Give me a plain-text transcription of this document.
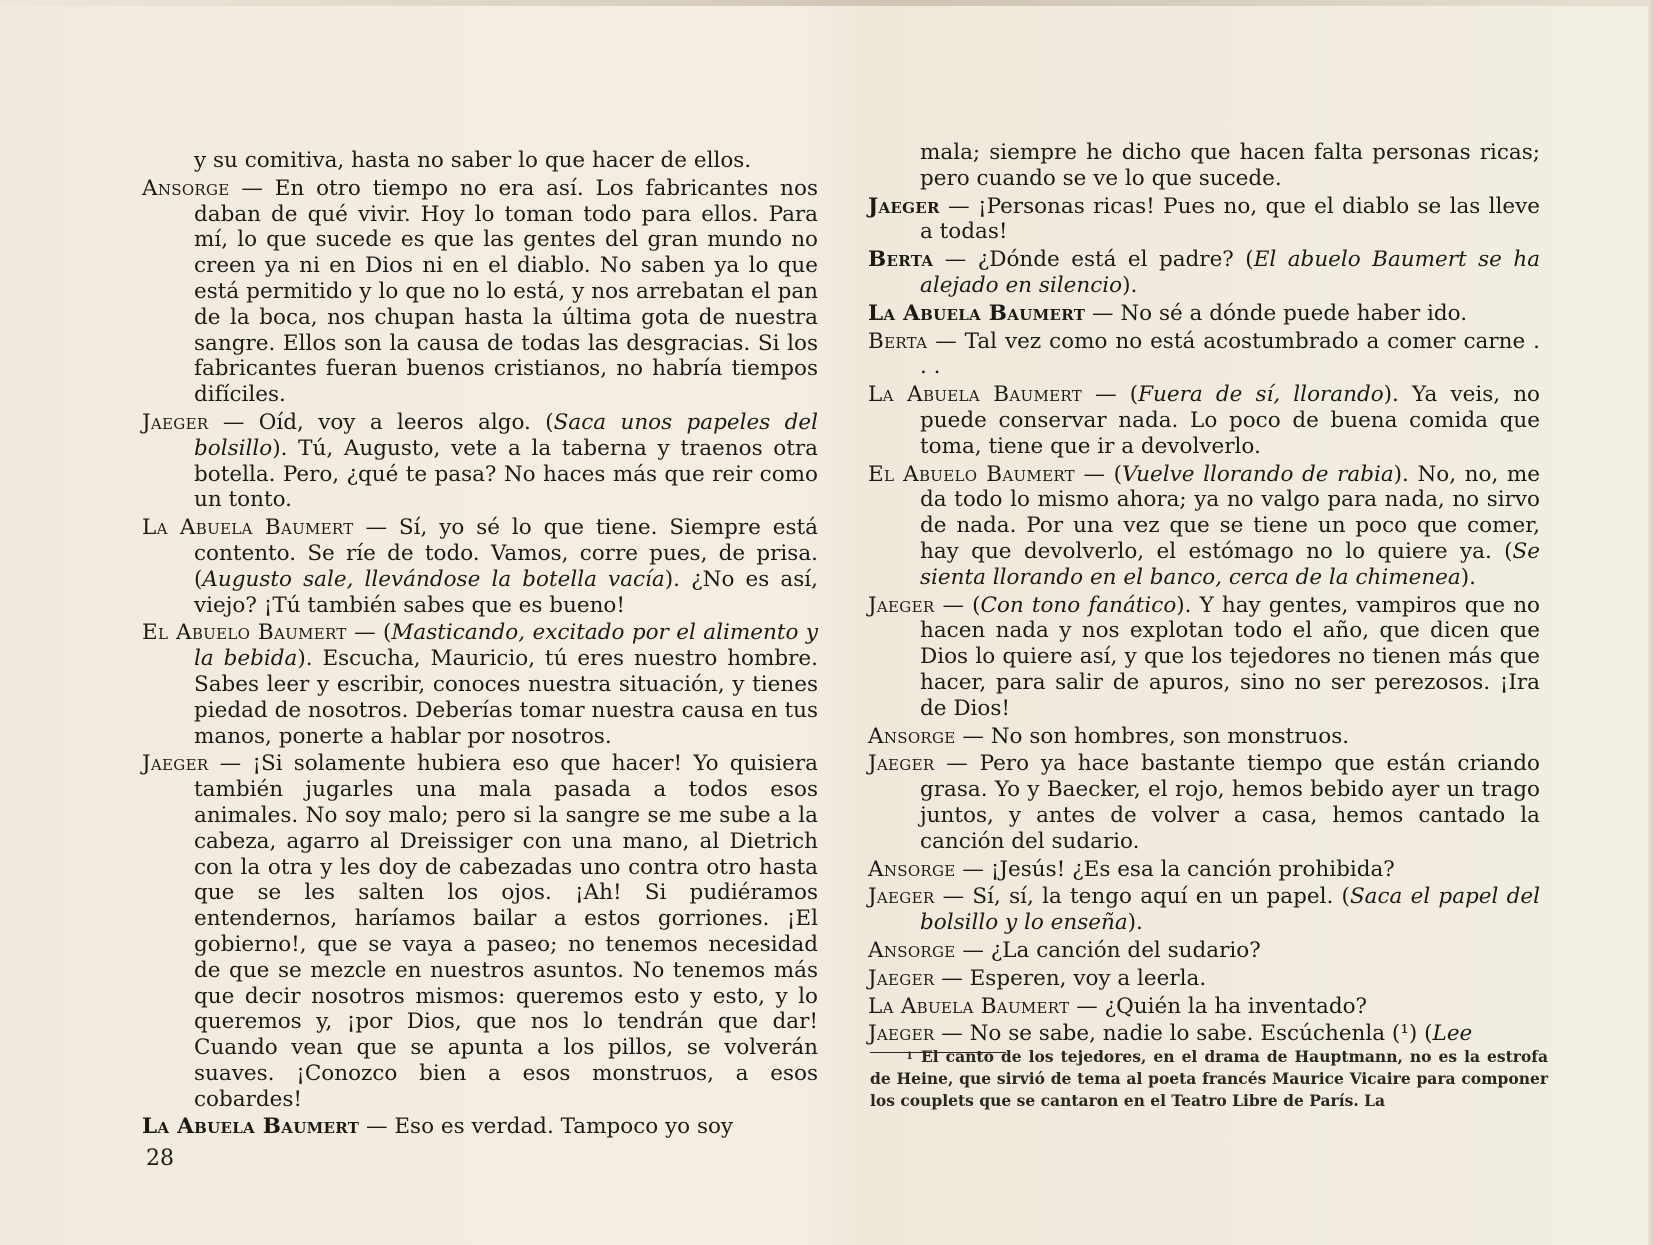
y su comitiva, hasta no saber lo que hacer de ellos.

Ansorge — En otro tiempo no era así. Los fabricantes nos daban de qué vivir. Hoy lo toman todo para ellos. Para mí, lo que sucede es que las gentes del gran mundo no creen ya ni en Dios ni en el diablo. No saben ya lo que está permitido y lo que no lo está, y nos arrebatan el pan de la boca, nos chupan hasta la última gota de nuestra sangre. Ellos son la causa de todas las desgracias. Si los fabricantes fueran buenos cristianos, no habría tiempos difíciles.

Jaeger — Oíd, voy a leeros algo. (Saca unos papeles del bolsillo). Tú, Augusto, vete a la taberna y traenos otra botella. Pero, ¿qué te pasa? No haces más que reir como un tonto.

La Abuela Baumert — Sí, yo sé lo que tiene. Siempre está contento. Se ríe de todo. Vamos, corre pues, de prisa. (Augusto sale, llevándose la botella vacía). ¿No es así, viejo? ¡Tú también sabes que es bueno!

El Abuelo Baumert — (Masticando, excitado por el alimento y la bebida). Escucha, Mauricio, tú eres nuestro hombre. Sabes leer y escribir, conoces nuestra situación, y tienes piedad de nosotros. Deberías tomar nuestra causa en tus manos, ponerte a hablar por nosotros.

Jaeger — ¡Si solamente hubiera eso que hacer! Yo quisiera también jugarles una mala pasada a todos esos animales. No soy malo; pero si la sangre se me sube a la cabeza, agarro al Dreissiger con una mano, al Dietrich con la otra y les doy de cabezadas uno contra otro hasta que se les salten los ojos. ¡Ah! Si pudiéramos entendernos, haríamos bailar a estos gorriones. ¡El gobierno!, que se vaya a paseo; no tenemos necesidad de que se mezcle en nuestros asuntos. No tenemos más que decir nosotros mismos: queremos esto y esto, y lo queremos y, ¡por Dios, que nos lo tendrán que dar! Cuando vean que se apunta a los pillos, se volverán suaves. ¡Conozco bien a esos monstruos, a esos cobardes!

La Abuela Baumert — Eso es verdad. Tampoco yo soy

mala; siempre he dicho que hacen falta personas ricas; pero cuando se ve lo que sucede.

Jaeger — ¡Personas ricas! Pues no, que el diablo se las lleve a todas!

Berta — ¿Dónde está el padre? (El abuelo Baumert se ha alejado en silencio).

La Abuela Baumert — No sé a dónde puede haber ido.

Berta — Tal vez como no está acostumbrado a comer carne . . .

La Abuela Baumert — (Fuera de sí, llorando). Ya veis, no puede conservar nada. Lo poco de buena comida que toma, tiene que ir a devolverlo.

El Abuelo Baumert — (Vuelve llorando de rabia). No, no, me da todo lo mismo ahora; ya no valgo para nada, no sirvo de nada. Por una vez que se tiene un poco que comer, hay que devolverlo, el estómago no lo quiere ya. (Se sienta llorando en el banco, cerca de la chimenea).

Jaeger — (Con tono fanático). Y hay gentes, vampiros que no hacen nada y nos explotan todo el año, que dicen que Dios lo quiere así, y que los tejedores no tienen más que hacer, para salir de apuros, sino no ser perezosos. ¡Ira de Dios!

Ansorge — No son hombres, son monstruos.

Jaeger — Pero ya hace bastante tiempo que están criando grasa. Yo y Baecker, el rojo, hemos bebido ayer un trago juntos, y antes de volver a casa, hemos cantado la canción del sudario.

Ansorge — ¡Jesús! ¿Es esa la canción prohibida?

Jaeger — Sí, sí, la tengo aquí en un papel. (Saca el papel del bolsillo y lo enseña).

Ansorge — ¿La canción del sudario?

Jaeger — Esperen, voy a leerla.

La Abuela Baumert — ¿Quién la ha inventado?

Jaeger — No se sabe, nadie lo sabe. Escúchenla (¹) (Lee

$^1$ El canto de los tejedores, en el drama de Hauptmann, no es la estrofa de Heine, que sirvió de tema al poeta francés Maurice Vicaire para componer los couplets que se cantaron en el Teatro Libre de París. La
28
